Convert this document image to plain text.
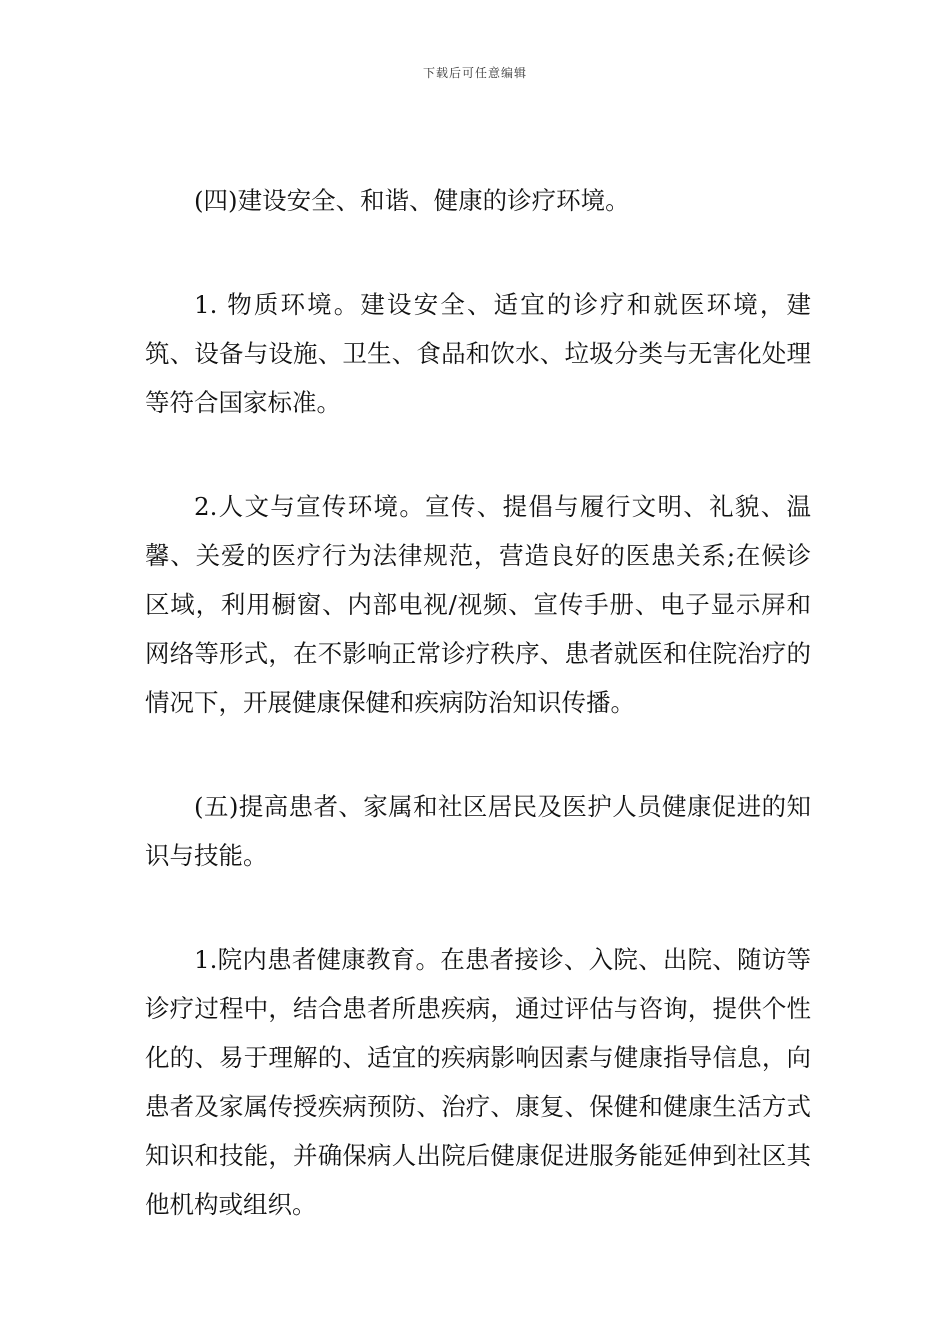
下载后可任意编辑

(四)建设安全、和谐、健康的诊疗环境。

1. 物质环境。建设安全、适宜的诊疗和就医环境，建筑、设备与设施、卫生、食品和饮水、垃圾分类与无害化处理等符合国家标准。

2.人文与宣传环境。宣传、提倡与履行文明、礼貌、温馨、关爱的医疗行为法律规范，营造良好的医患关系;在候诊区域，利用橱窗、内部电视/视频、宣传手册、电子显示屏和网络等形式，在不影响正常诊疗秩序、患者就医和住院治疗的情况下，开展健康保健和疾病防治知识传播。

(五)提高患者、家属和社区居民及医护人员健康促进的知识与技能。

1.院内患者健康教育。在患者接诊、入院、出院、随访等诊疗过程中，结合患者所患疾病，通过评估与咨询，提供个性化的、易于理解的、适宜的疾病影响因素与健康指导信息，向患者及家属传授疾病预防、治疗、康复、保健和健康生活方式知识和技能，并确保病人出院后健康促进服务能延伸到社区其他机构或组织。
